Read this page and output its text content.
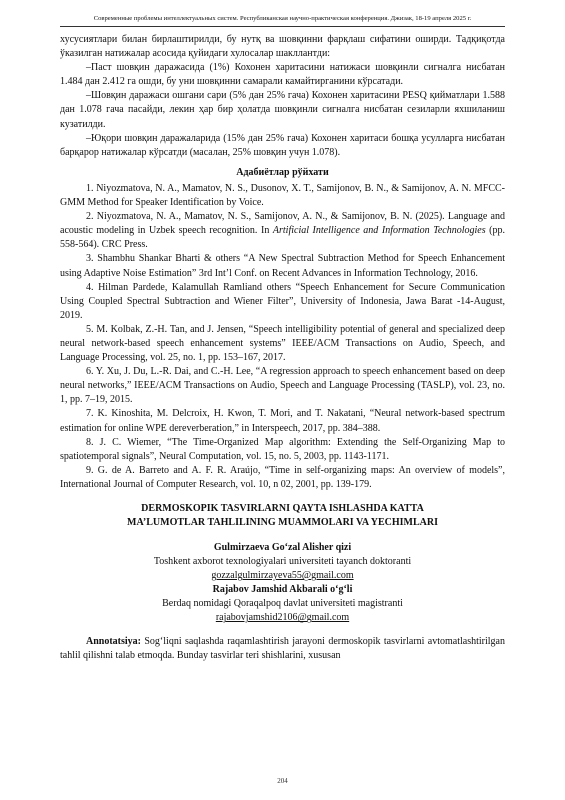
Современные проблемы интеллектуальных систем. Республиканская научно-практическая конференция. Джизак, 18-19 апреля 2025 г.

хусусиятлари билан бирлаштирилди, бу нутқ ва шовқинни фарқлаш сифатини оширди. Тадқиқотда ўказилган натижалар асосида қуйидаги хулосалар шакллантди:

–Паст шовқин даражасида (1%) Кохонен харитасини натижаси шовқинли сигналга нисбатан 1.484 дан 2.412 га ошди, бу уни шовқинни самарали камайтирганини кўрсатади.

–Шовқин даражаси ошгани сари (5% дан 25% гача) Кохонен харитасини PESQ қийматлари 1.588 дан 1.078 гача пасайди, лекин ҳар бир ҳолатда шовқинли сигналга нисбатан сезиларли яхшиланиш кузатилди.

–Юқори шовқин даражаларида (15% дан 25% гача) Кохонен харитаси бошқа усулларга нисбатан барқарор натижалар кўрсатди (масалан, 25% шовқин учун 1.078).

Адабиётлар рўйхати

1. Niyozmatova, N. A., Mamatov, N. S., Dusonov, X. T., Samijonov, B. N., & Samijonov, A. N. MFCC-GMM Method for Speaker Identification by Voice.

2. Niyozmatova, N. A., Mamatov, N. S., Samijonov, A. N., & Samijonov, B. N. (2025). Language and acoustic modeling in Uzbek speech recognition. In Artificial Intelligence and Information Technologies (pp. 558-564). CRC Press.

3. Shambhu Shankar Bharti & others “A New Spectral Subtraction Method for Speech Enhancement using Adaptive Noise Estimation” 3rd Int’l Conf. on Recent Advances in Information Technology, 2016.

4. Hilman Pardede, Kalamullah Ramliand others “Speech Enhancement for Secure Communication Using Coupled Spectral Subtraction and Wiener Filter”, University of Indonesia, Jawa Barat -14-August, 2019.

5. M. Kolbak, Z.-H. Tan, and J. Jensen, “Speech intelligibility potential of general and specialized deep neural network-based speech enhancement systems” IEEE/ACM Transactions on Audio, Speech, and Language Processing, vol. 25, no. 1, pp. 153–167, 2017.

6. Y. Xu, J. Du, L.-R. Dai, and C.-H. Lee, “A regression approach to speech enhancement based on deep neural networks,” IEEE/ACM Transactions on Audio, Speech and Language Processing (TASLP), vol. 23, no. 1, pp. 7–19, 2015.

7. K. Kinoshita, M. Delcroix, H. Kwon, T. Mori, and T. Nakatani, “Neural network-based spectrum estimation for online WPE dereverberation,” in Interspeech, 2017, pp. 384–388.

8. J. C. Wiemer, “The Time-Organized Map algorithm: Extending the Self-Organizing Map to spatiotemporal signals”, Neural Computation, vol. 15, no. 5, 2003, pp. 1143-1171.

9. G. de A. Barreto and A. F. R. Araújo, “Time in self-organizing maps: An overview of models”, International Journal of Computer Research, vol. 10, n 02, 2001, pp. 139-179.

DERMOSKOPIK TASVIRLARNI QAYTA ISHLASHDA KATTA
MA’LUMOTLAR TAHLILINING MUAMMOLARI VA YECHIMLARI
Gulmirzaeva Go‘zal Alisher qizi
Toshkent axborot texnologiyalari universiteti tayanch doktoranti
gozzalgulmirzayeva55@gmail.com
Rajabov Jamshid Akbarali o‘g‘li
Berdaq nomidagi Qoraqalpoq davlat universiteti magistranti
rajabovjamshid2106@gmail.com

Annotatsiya: Sog‘liqni saqlashda raqamlashtirish jarayoni dermoskopik tasvirlarni avtomatlashtirilgan tahlil qilishni talab etmoqda. Bunday tasvirlar teri shishlarini, xususan

204
